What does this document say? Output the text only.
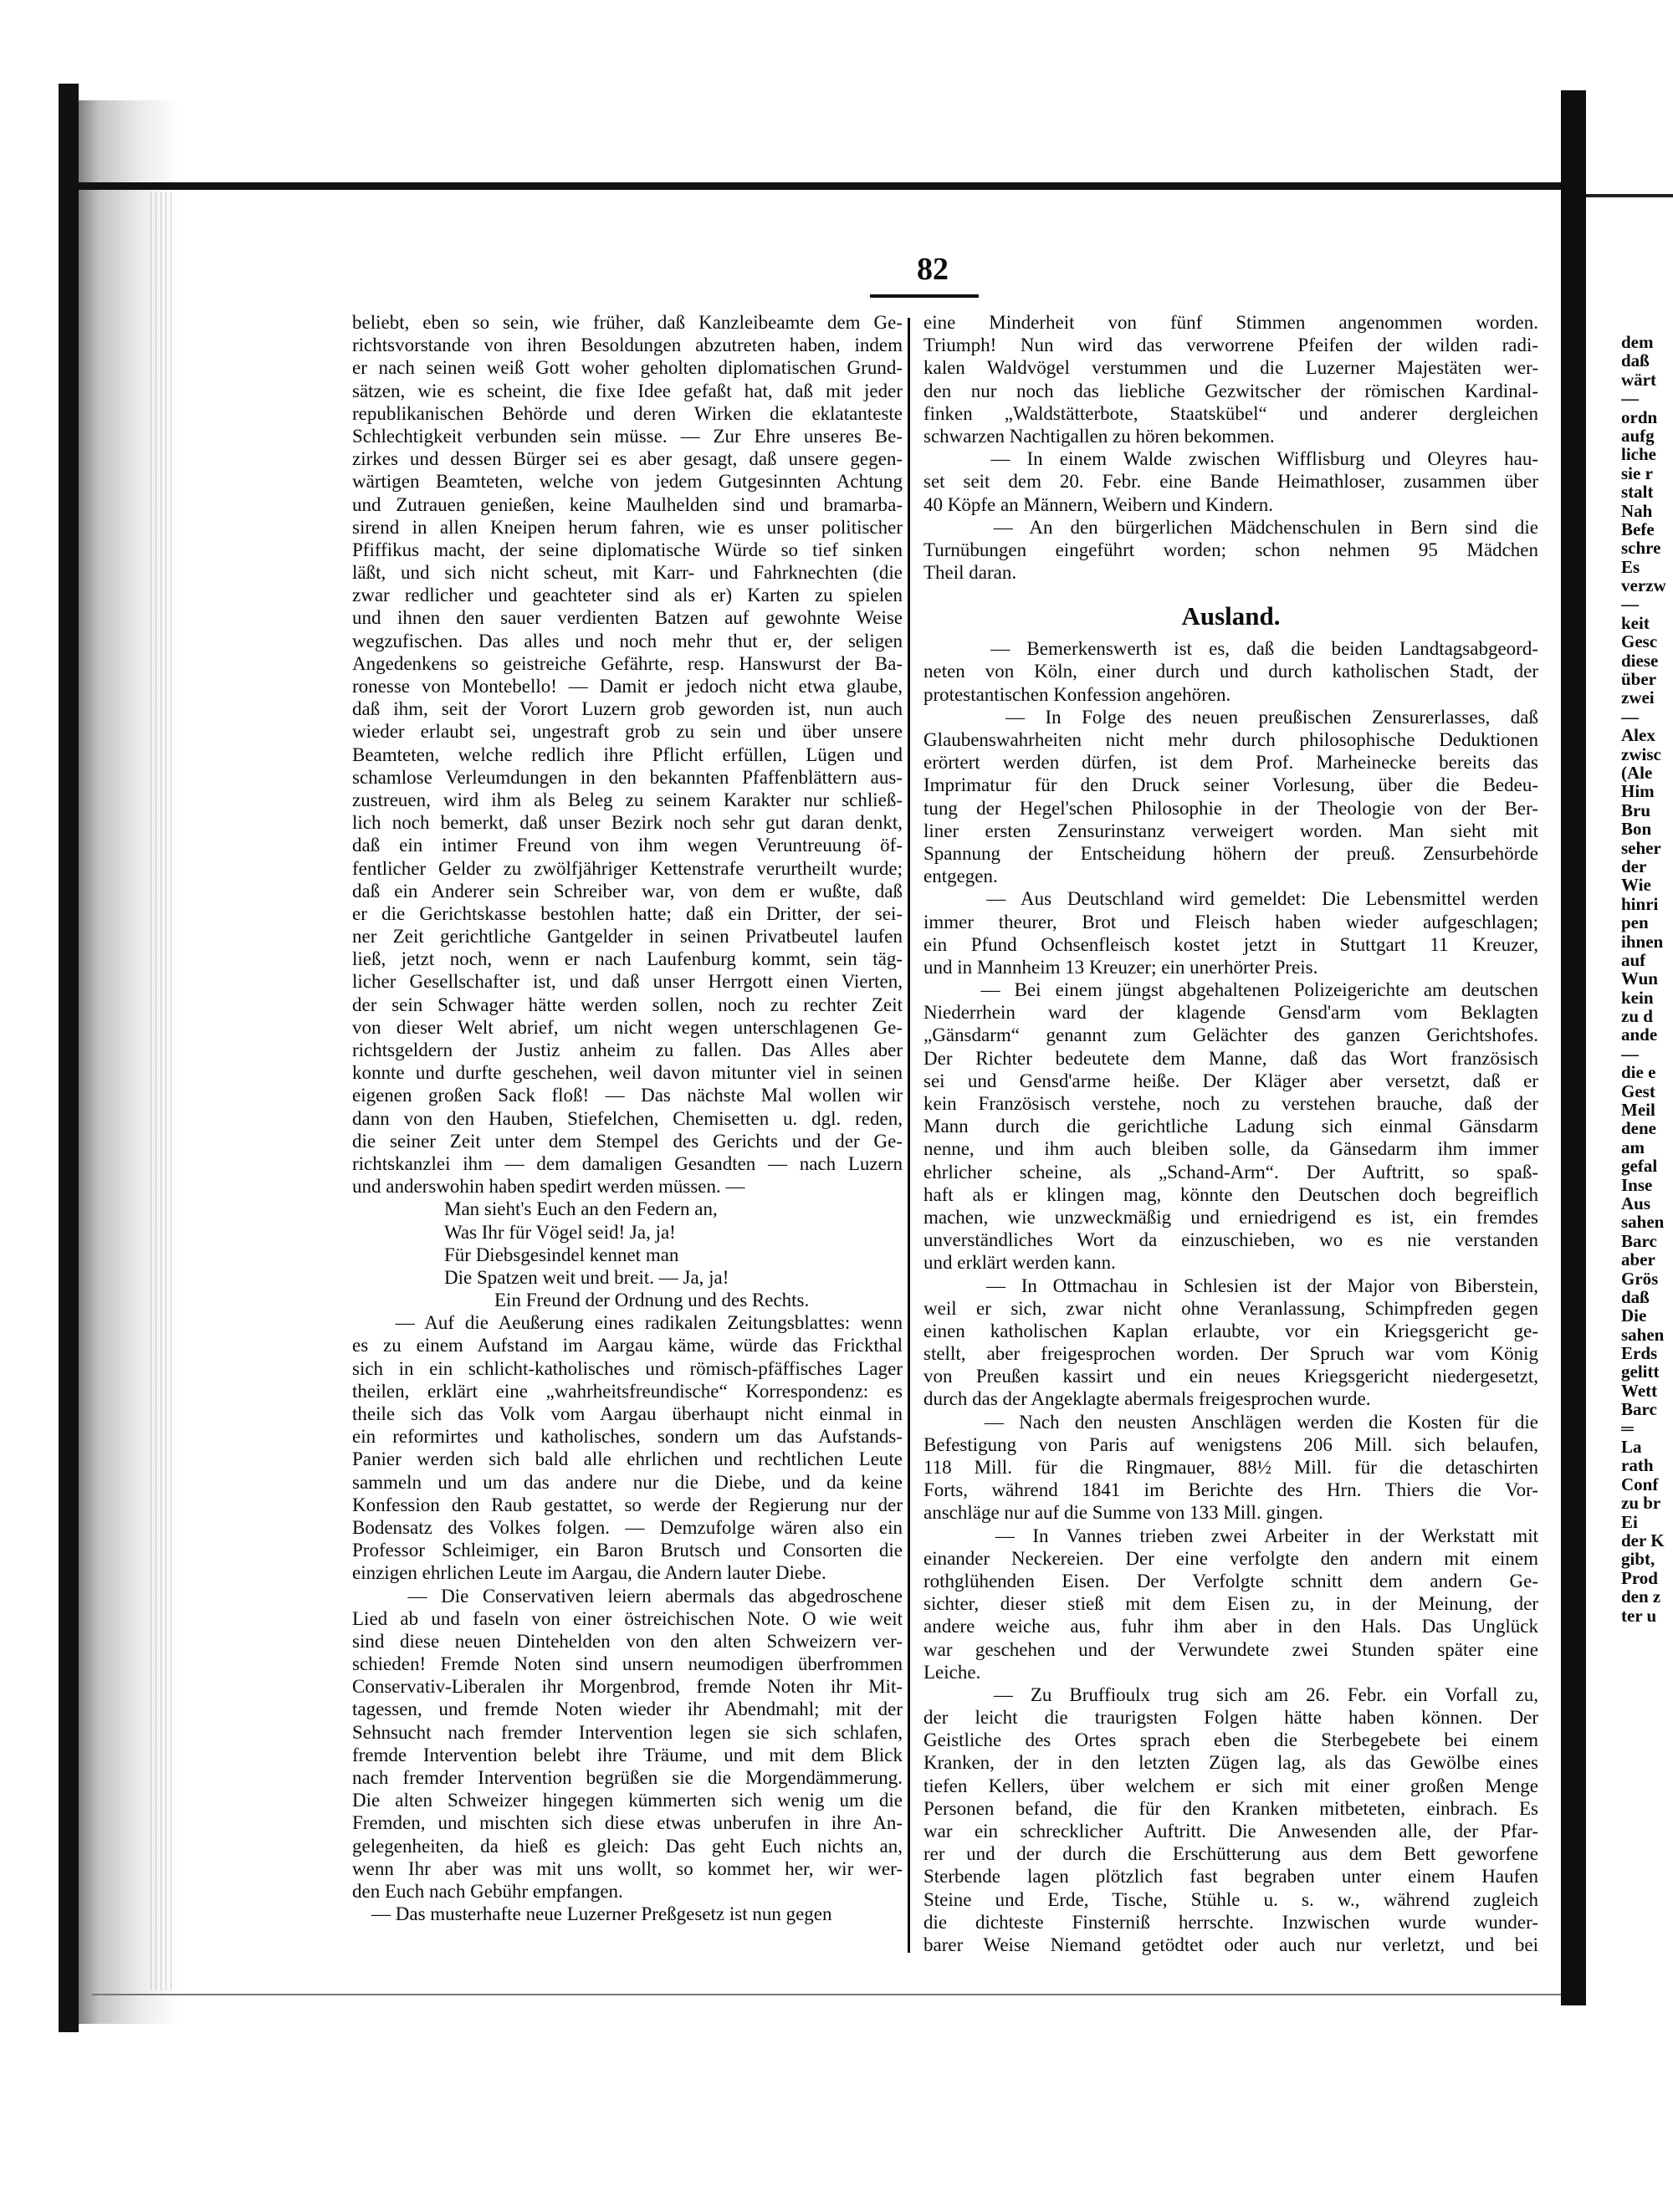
82
beliebt, eben so sein, wie früher, daß Kanzleibeamte dem Ge-
richtsvorstande von ihren Besoldungen abzutreten haben, indem
er nach seinen weiß Gott woher geholten diplomatischen Grund-
sätzen, wie es scheint, die fixe Idee gefaßt hat, daß mit jeder
republikanischen Behörde und deren Wirken die eklatanteste
Schlechtigkeit verbunden sein müsse. — Zur Ehre unseres Be-
zirkes und dessen Bürger sei es aber gesagt, daß unsere gegen-
wärtigen Beamteten, welche von jedem Gutgesinnten Achtung
und Zutrauen genießen, keine Maulhelden sind und bramarba-
sirend in allen Kneipen herum fahren, wie es unser politischer
Pfiffikus macht, der seine diplomatische Würde so tief sinken
läßt, und sich nicht scheut, mit Karr- und Fahrknechten (die
zwar redlicher und geachteter sind als er) Karten zu spielen
und ihnen den sauer verdienten Batzen auf gewohnte Weise
wegzufischen. Das alles und noch mehr thut er, der seligen
Angedenkens so geistreiche Gefährte, resp. Hanswurst der Ba-
ronesse von Montebello! — Damit er jedoch nicht etwa glaube,
daß ihm, seit der Vorort Luzern grob geworden ist, nun auch
wieder erlaubt sei, ungestraft grob zu sein und über unsere
Beamteten, welche redlich ihre Pflicht erfüllen, Lügen und
schamlose Verleumdungen in den bekannten Pfaffenblättern aus-
zustreuen, wird ihm als Beleg zu seinem Karakter nur schließ-
lich noch bemerkt, daß unser Bezirk noch sehr gut daran denkt,
daß ein intimer Freund von ihm wegen Veruntreuung öf-
fentlicher Gelder zu zwölfjähriger Kettenstrafe verurtheilt wurde;
daß ein Anderer sein Schreiber war, von dem er wußte, daß
er die Gerichtskasse bestohlen hatte; daß ein Dritter, der sei-
ner Zeit gerichtliche Gantgelder in seinen Privatbeutel laufen
ließ, jetzt noch, wenn er nach Laufenburg kommt, sein täg-
licher Gesellschafter ist, und daß unser Herrgott einen Vierten,
der sein Schwager hätte werden sollen, noch zu rechter Zeit
von dieser Welt abrief, um nicht wegen unterschlagenen Ge-
richtsgeldern der Justiz anheim zu fallen. Das Alles aber
konnte und durfte geschehen, weil davon mitunter viel in seinen
eigenen großen Sack floß! — Das nächste Mal wollen wir
dann von den Hauben, Stiefelchen, Chemisetten u. dgl. reden,
die seiner Zeit unter dem Stempel des Gerichts und der Ge-
richtskanzlei ihm — dem damaligen Gesandten — nach Luzern
und anderswohin haben spedirt werden müssen. —
Man sieht's Euch an den Federn an,
Was Ihr für Vögel seid! Ja, ja!
Für Diebsgesindel kennet man
Die Spatzen weit und breit. — Ja, ja!
Ein Freund der Ordnung und des Rechts.
— Auf die Aeußerung eines radikalen Zeitungsblattes: wenn
es zu einem Aufstand im Aargau käme, würde das Frickthal
sich in ein schlicht-katholisches und römisch-pfäffisches Lager
theilen, erklärt eine „wahrheitsfreundische“ Korrespondenz: es
theile sich das Volk vom Aargau überhaupt nicht einmal in
ein reformirtes und katholisches, sondern um das Aufstands-
Panier werden sich bald alle ehrlichen und rechtlichen Leute
sammeln und um das andere nur die Diebe, und da keine
Konfession den Raub gestattet, so werde der Regierung nur der
Bodensatz des Volkes folgen. — Demzufolge wären also ein
Professor Schleimiger, ein Baron Brutsch und Consorten die
einzigen ehrlichen Leute im Aargau, die Andern lauter Diebe.
— Die Conservativen leiern abermals das abgedroschene
Lied ab und faseln von einer östreichischen Note. O wie weit
sind diese neuen Dintehelden von den alten Schweizern ver-
schieden! Fremde Noten sind unsern neumodigen überfrommen
Conservativ-Liberalen ihr Morgenbrod, fremde Noten ihr Mit-
tagessen, und fremde Noten wieder ihr Abendmahl; mit der
Sehnsucht nach fremder Intervention legen sie sich schlafen,
fremde Intervention belebt ihre Träume, und mit dem Blick
nach fremder Intervention begrüßen sie die Morgendämmerung.
Die alten Schweizer hingegen kümmerten sich wenig um die
Fremden, und mischten sich diese etwas unberufen in ihre An-
gelegenheiten, da hieß es gleich: Das geht Euch nichts an,
wenn Ihr aber was mit uns wollt, so kommet her, wir wer-
den Euch nach Gebühr empfangen.
— Das musterhafte neue Luzerner Preßgesetz ist nun gegen
eine Minderheit von fünf Stimmen angenommen worden.
Triumph! Nun wird das verworrene Pfeifen der wilden radi-
kalen Waldvögel verstummen und die Luzerner Majestäten wer-
den nur noch das liebliche Gezwitscher der römischen Kardinal-
finken „Waldstätterbote, Staatskübel“ und anderer dergleichen
schwarzen Nachtigallen zu hören bekommen.
— In einem Walde zwischen Wifflisburg und Oleyres hau-
set seit dem 20. Febr. eine Bande Heimathloser, zusammen über
40 Köpfe an Männern, Weibern und Kindern.
— An den bürgerlichen Mädchenschulen in Bern sind die
Turnübungen eingeführt worden; schon nehmen 95 Mädchen
Theil daran.
Ausland.
— Bemerkenswerth ist es, daß die beiden Landtagsabgeord-
neten von Köln, einer durch und durch katholischen Stadt, der
protestantischen Konfession angehören.
— In Folge des neuen preußischen Zensurerlasses, daß
Glaubenswahrheiten nicht mehr durch philosophische Deduktionen
erörtert werden dürfen, ist dem Prof. Marheinecke bereits das
Imprimatur für den Druck seiner Vorlesung, über die Bedeu-
tung der Hegel'schen Philosophie in der Theologie von der Ber-
liner ersten Zensurinstanz verweigert worden. Man sieht mit
Spannung der Entscheidung höhern der preuß. Zensurbehörde
entgegen.
— Aus Deutschland wird gemeldet: Die Lebensmittel werden
immer theurer, Brot und Fleisch haben wieder aufgeschlagen;
ein Pfund Ochsenfleisch kostet jetzt in Stuttgart 11 Kreuzer,
und in Mannheim 13 Kreuzer; ein unerhörter Preis.
— Bei einem jüngst abgehaltenen Polizeigerichte am deutschen
Niederrhein ward der klagende Gensd'arm vom Beklagten
„Gänsdarm“ genannt zum Gelächter des ganzen Gerichtshofes.
Der Richter bedeutete dem Manne, daß das Wort französisch
sei und Gensd'arme heiße. Der Kläger aber versetzt, daß er
kein Französisch verstehe, noch zu verstehen brauche, daß der
Mann durch die gerichtliche Ladung sich einmal Gänsdarm
nenne, und ihm auch bleiben solle, da Gänsedarm ihm immer
ehrlicher scheine, als „Schand-Arm“. Der Auftritt, so spaß-
haft als er klingen mag, könnte den Deutschen doch begreiflich
machen, wie unzweckmäßig und erniedrigend es ist, ein fremdes
unverständliches Wort da einzuschieben, wo es nie verstanden
und erklärt werden kann.
— In Ottmachau in Schlesien ist der Major von Biberstein,
weil er sich, zwar nicht ohne Veranlassung, Schimpfreden gegen
einen katholischen Kaplan erlaubte, vor ein Kriegsgericht ge-
stellt, aber freigesprochen worden. Der Spruch war vom König
von Preußen kassirt und ein neues Kriegsgericht niedergesetzt,
durch das der Angeklagte abermals freigesprochen wurde.
— Nach den neusten Anschlägen werden die Kosten für die
Befestigung von Paris auf wenigstens 206 Mill. sich belaufen,
118 Mill. für die Ringmauer, 88½ Mill. für die detaschirten
Forts, während 1841 im Berichte des Hrn. Thiers die Vor-
anschläge nur auf die Summe von 133 Mill. gingen.
— In Vannes trieben zwei Arbeiter in der Werkstatt mit
einander Neckereien. Der eine verfolgte den andern mit einem
rothglühenden Eisen. Der Verfolgte schnitt dem andern Ge-
sichter, dieser stieß mit dem Eisen zu, in der Meinung, der
andere weiche aus, fuhr ihm aber in den Hals. Das Unglück
war geschehen und der Verwundete zwei Stunden später eine
Leiche.
— Zu Bruffioulx trug sich am 26. Febr. ein Vorfall zu,
der leicht die traurigsten Folgen hätte haben können. Der
Geistliche des Ortes sprach eben die Sterbegebete bei einem
Kranken, der in den letzten Zügen lag, als das Gewölbe eines
tiefen Kellers, über welchem er sich mit einer großen Menge
Personen befand, die für den Kranken mitbeteten, einbrach. Es
war ein schrecklicher Auftritt. Die Anwesenden alle, der Pfar-
rer und der durch die Erschütterung aus dem Bett geworfene
Sterbende lagen plötzlich fast begraben unter einem Haufen
Steine und Erde, Tische, Stühle u. s. w., während zugleich
die dichteste Finsterniß herrschte. Inzwischen wurde wunder-
barer Weise Niemand getödtet oder auch nur verletzt, und bei
dem
daß
wärt
—
ordn
aufg
liche
sie r
stalt
Nah
Befe
schre
Es
verzw
—
keit
Gesc
diese
über
zwei
—
Alex
zwisc
(Ale
Him
Bru
Bon
seher
der
Wie
hinri
pen
ihnen
auf
Wun
kein
zu d
ande
—
die e
Gest
Meil
dene
am
gefal
Inse
Aus
sahen
Barc
aber
Grös
daß
Die
sahen
Erds
gelitt
Wett
Barc
═
La
rath
Conf
zu br
Ei
der K
gibt,
Prod
den z
ter u
